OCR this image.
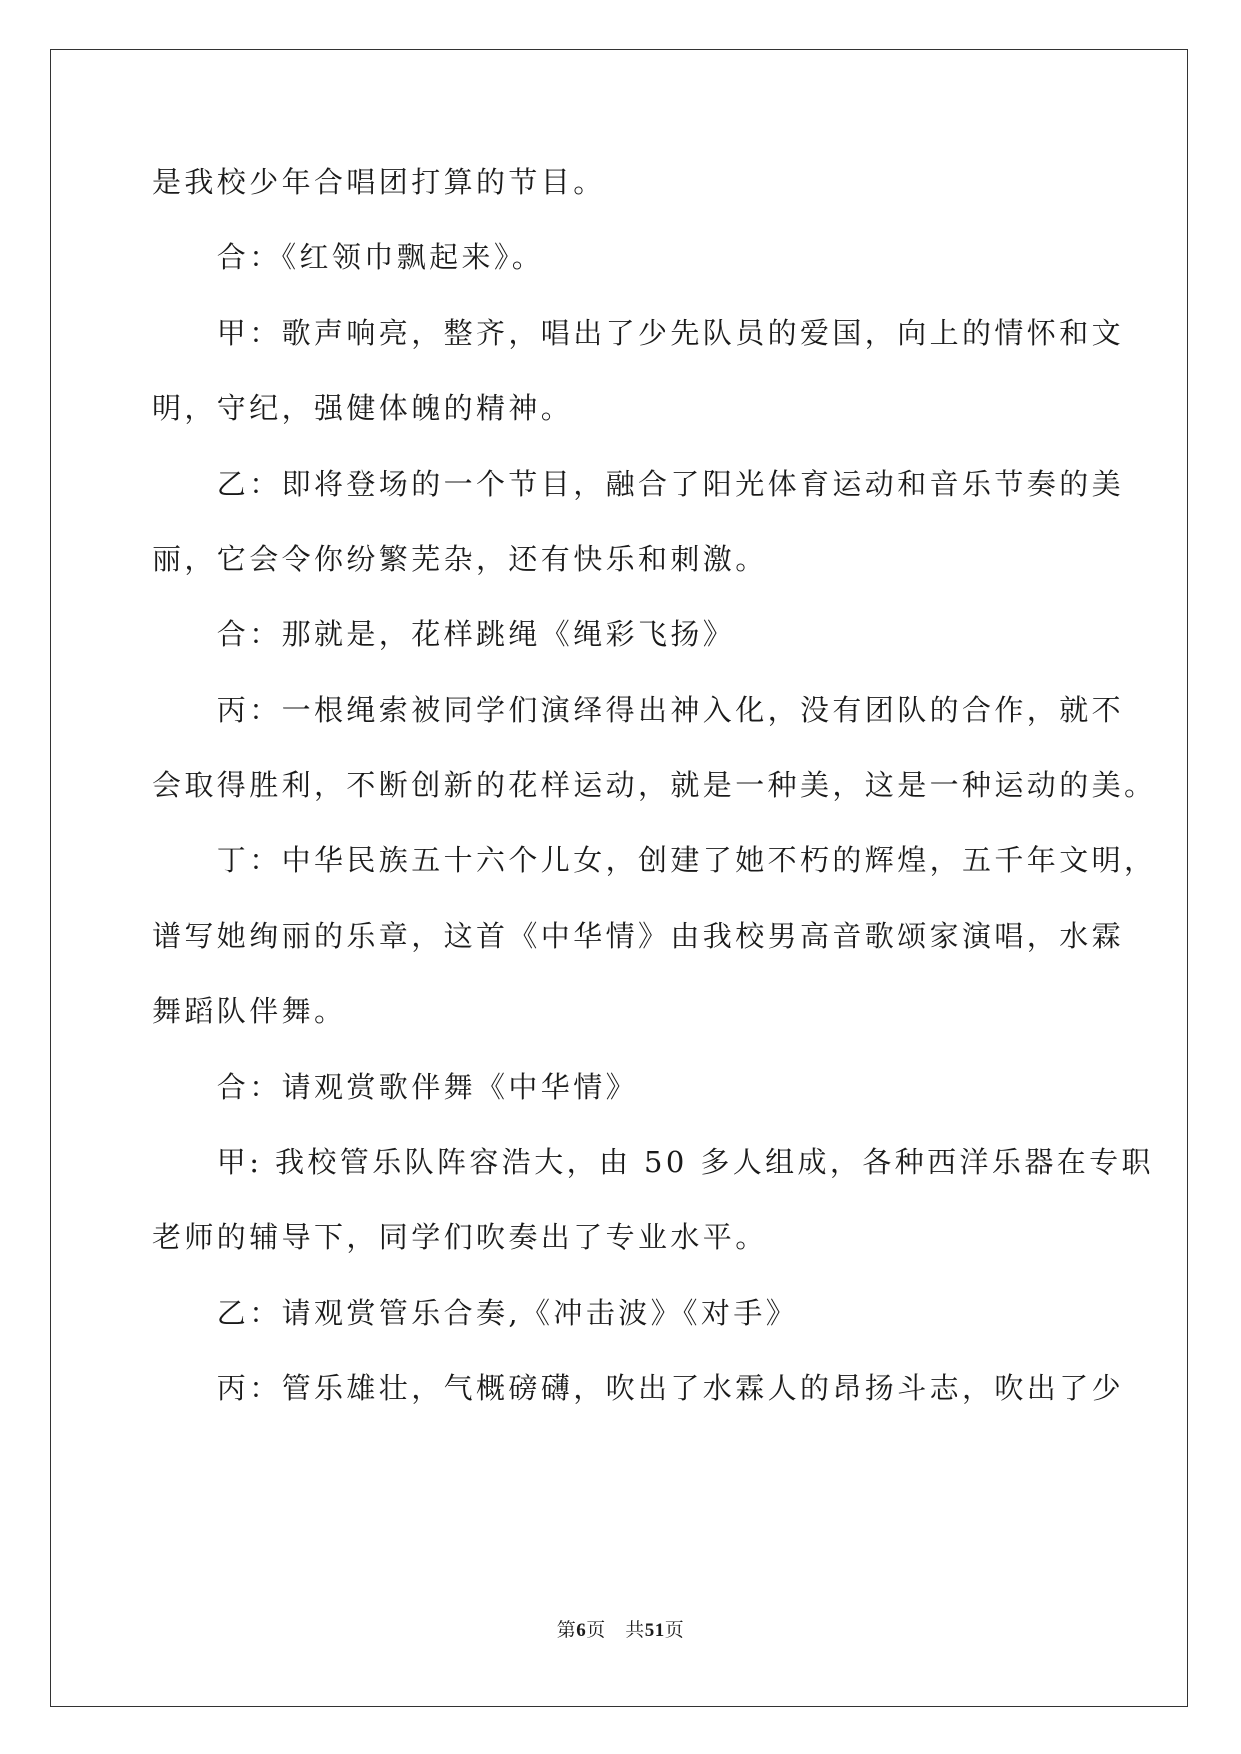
是我校少年合唱团打算的节目。
　　合：《红领巾飘起来》。
　　甲：歌声响亮，整齐，唱出了少先队员的爱国，向上的情怀和文
明，守纪，强健体魄的精神。
　　乙：即将登场的一个节目，融合了阳光体育运动和音乐节奏的美
丽，它会令你纷繁芜杂，还有快乐和刺激。
　　合：那就是，花样跳绳《绳彩飞扬》
　　丙：一根绳索被同学们演绎得出神入化，没有团队的合作，就不
会取得胜利，不断创新的花样运动，就是一种美，这是一种运动的美。
　　丁：中华民族五十六个儿女，创建了她不朽的辉煌，五千年文明，
谱写她绚丽的乐章，这首《中华情》由我校男高音歌颂家演唱，水霖
舞蹈队伴舞。
　　合：请观赏歌伴舞《中华情》
　　甲: 我校管乐队阵容浩大，由 50 多人组成，各种西洋乐器在专职
老师的辅导下，同学们吹奏出了专业水平。
　　乙：请观赏管乐合奏,《冲击波》《对手》
　　丙：管乐雄壮，气概磅礴，吹出了水霖人的昂扬斗志，吹出了少
第6页　共51页
